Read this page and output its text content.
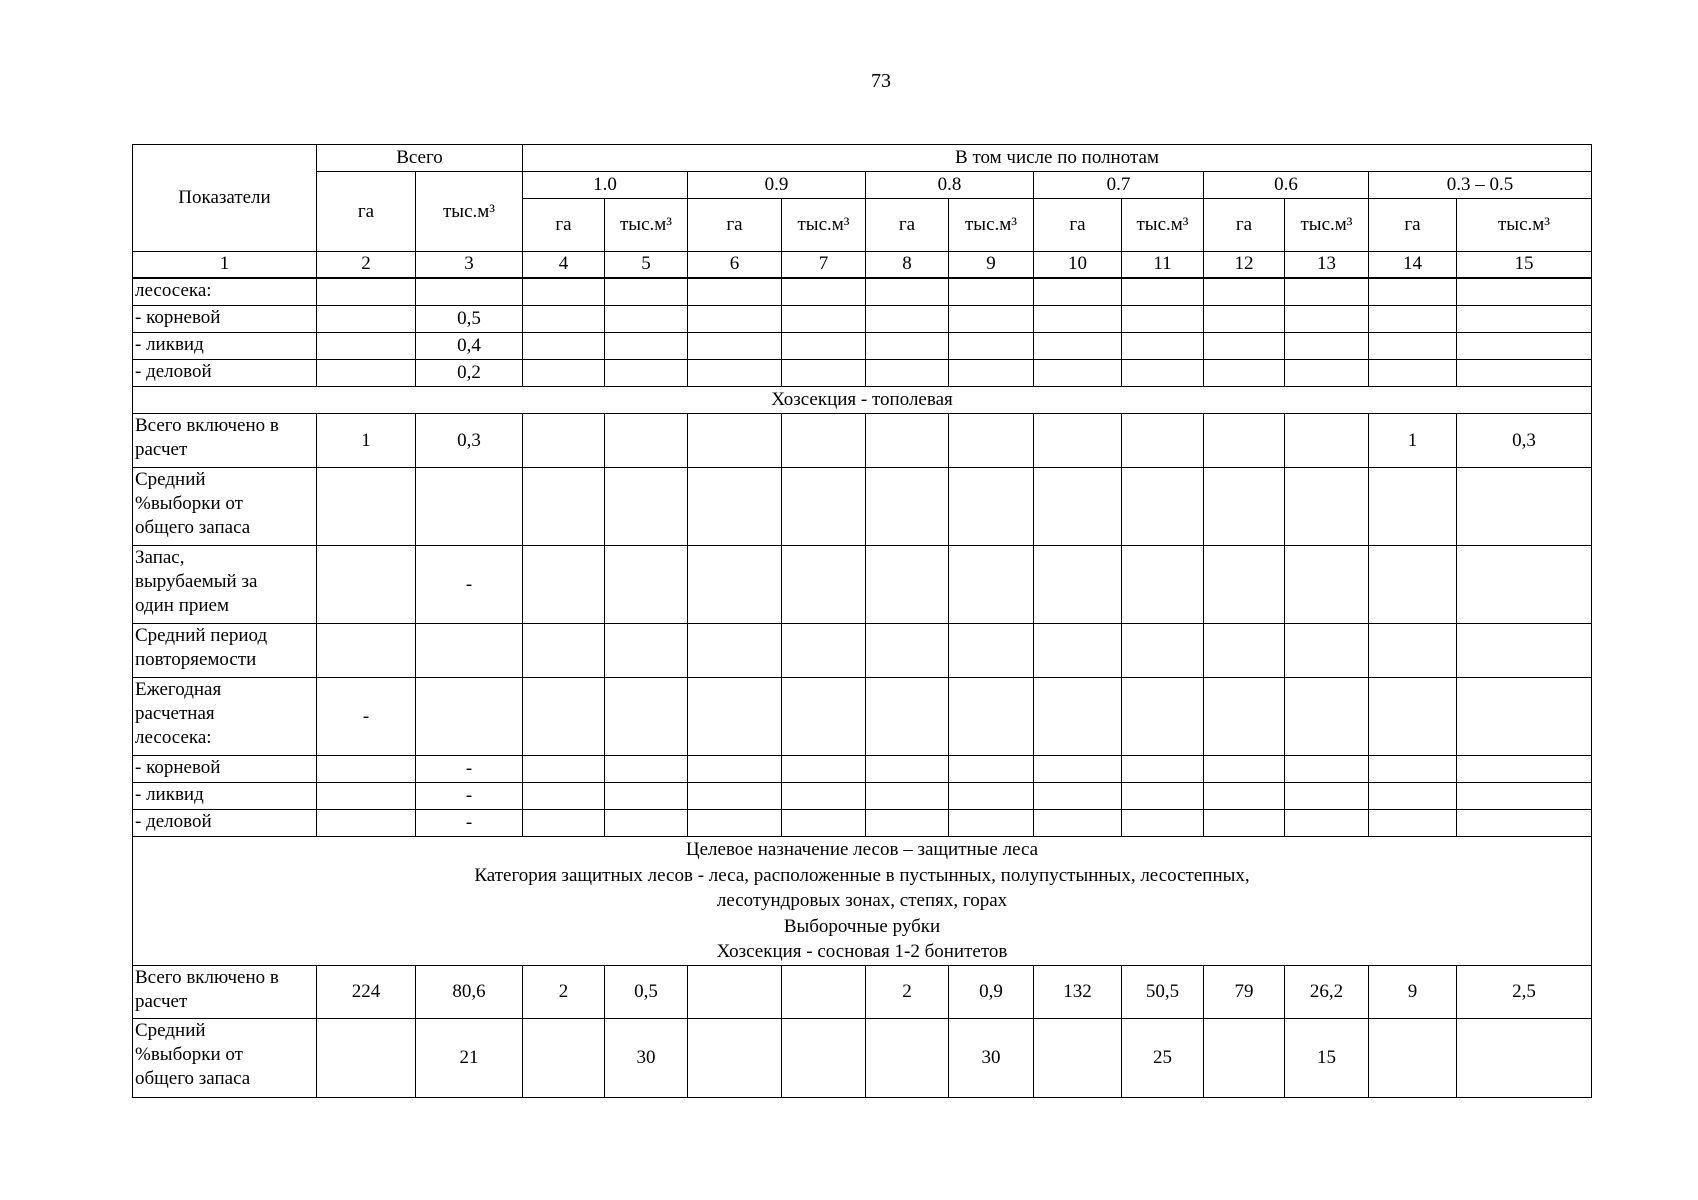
73
Показатели	Всего		В том числе по полнотам											
	га	тыс.м³	1.0		0.9		0.8		0.7		0.6		0.3 – 0.5	
			га	тыс.м³	га	тыс.м³	га	тыс.м³	га	тыс.м³	га	тыс.м³	га	тыс.м³
1	2	3	4	5	6	7	8	9	10	11	12	13	14	15
лесосека:														
- корневой		0,5												
- ликвид		0,4												
- деловой		0,2												
Хозсекция - тополевая														
Всего включено в
расчет	1	0,3											1	0,3
Средний
%выборки от
общего запаса														
Запас,
вырубаемый за
один прием		-												
Средний период
повторяемости														
Ежегодная
расчетная
лесосека:	-													
- корневой		-												
- ликвид		-												
- деловой		-												
Целевое назначение лесов – защитные леса
Категория защитных лесов - леса, расположенные в пустынных, полупустынных, лесостепных,
лесотундровых зонах, степях, горах
Выборочные рубки
Хозсекция - сосновая 1-2 бонитетов														
Всего включено в
расчет	224	80,6	2	0,5			2	0,9	132	50,5	79	26,2	9	2,5
Средний
%выборки от
общего запаса		21		30				30		25		15		
